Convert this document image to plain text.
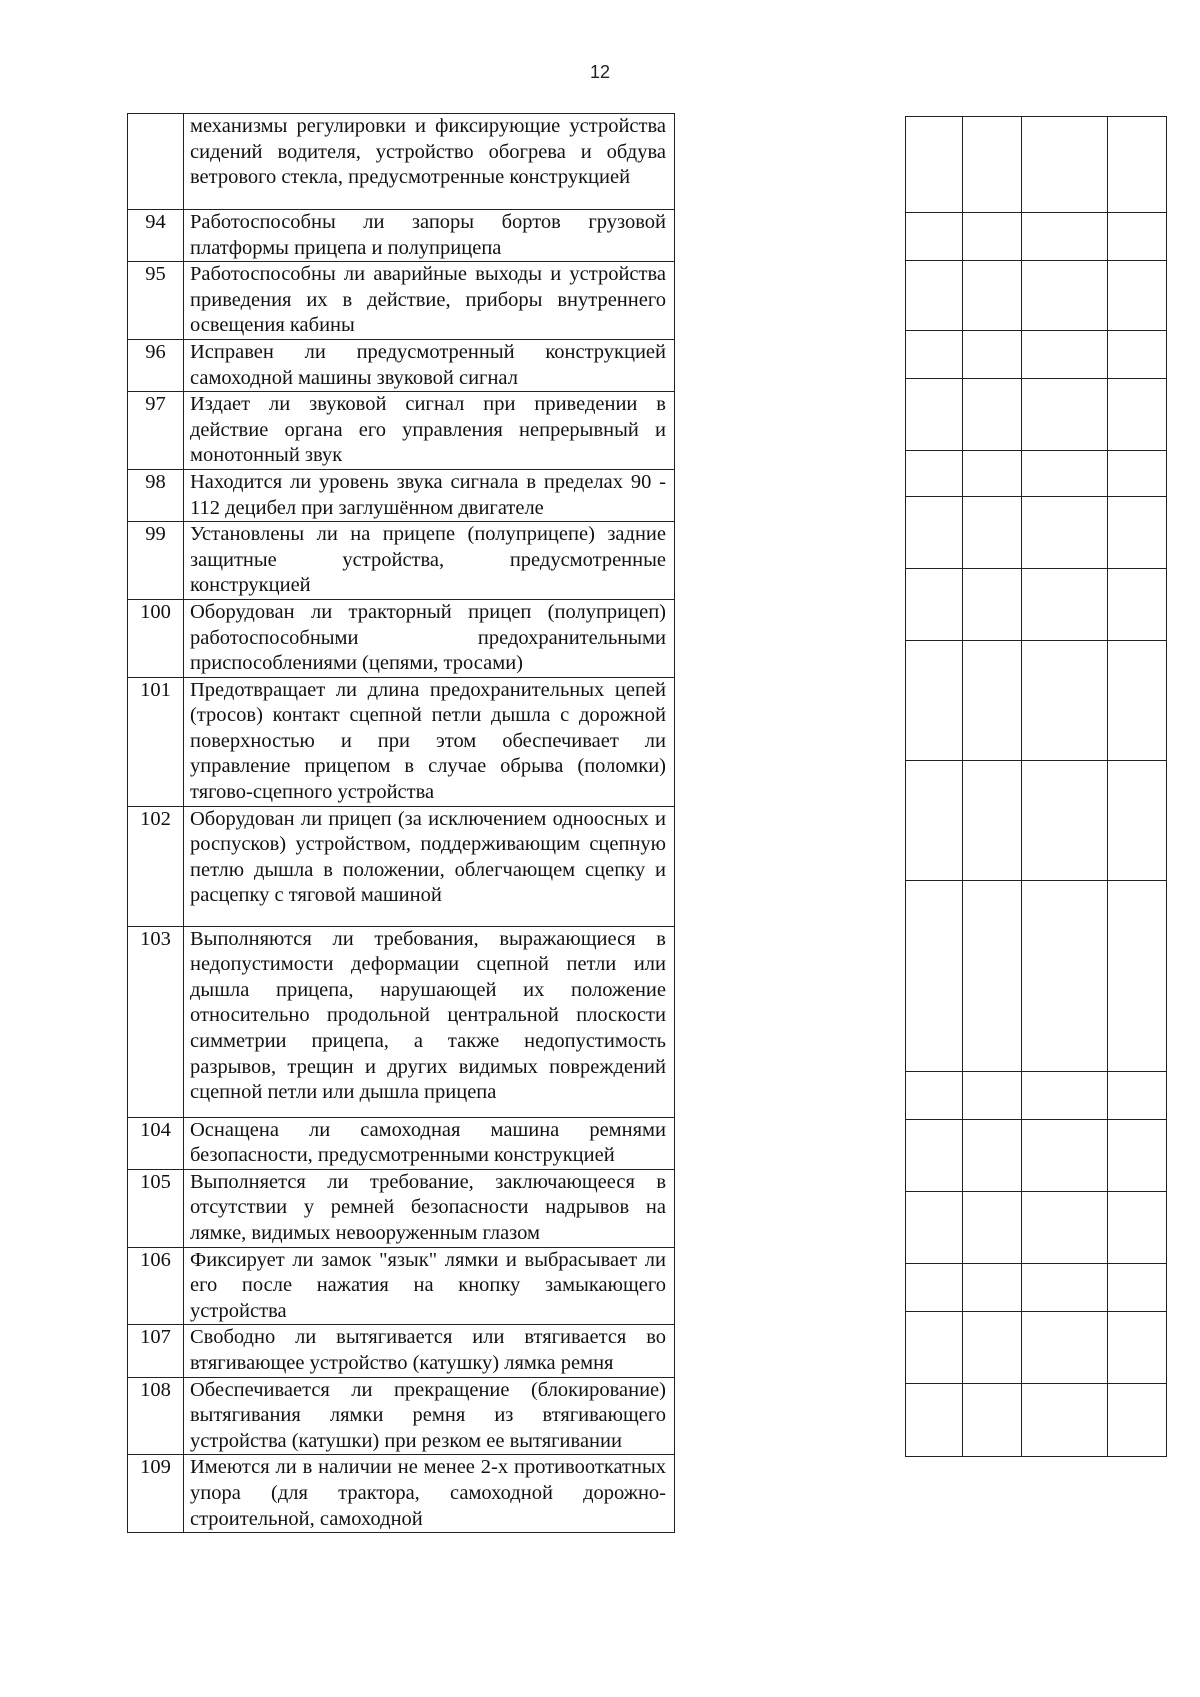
12
	механизмы регулировки и фиксирующие устройства сидений водителя, устройство обогрева и обдува ветрового стекла, предусмотренные конструкцией
94	Работоспособны ли запоры бортов грузовой платформы прицепа и полуприцепа
95	Работоспособны ли аварийные выходы и устройства приведения их в действие, приборы внутреннего освещения кабины
96	Исправен ли предусмотренный конструкцией самоходной машины звуковой сигнал
97	Издает ли звуковой сигнал при приведении в действие органа его управления непрерывный и монотонный звук
98	Находится ли уровень звука сигнала в пределах 90 - 112 децибел при заглушённом двигателе
99	Установлены ли на прицепе (полуприцепе) задние защитные устройства, предусмотренные конструкцией
100	Оборудован ли тракторный прицеп (полуприцеп) работоспособными предохранительными приспособлениями (цепями, тросами)
101	Предотвращает ли длина предохранительных цепей (тросов) контакт сцепной петли дышла с дорожной поверхностью и при этом обеспечивает ли управление прицепом в случае обрыва (поломки) тягово-сцепного устройства
102	Оборудован ли прицеп (за исключением одноосных и роспусков) устройством, поддерживающим сцепную петлю дышла в положении, облегчающем сцепку и расцепку с тяговой машиной
103	Выполняются ли требования, выражающиеся в недопустимости деформации сцепной петли или дышла прицепа, нарушающей их положение относительно продольной центральной плоскости симметрии прицепа, а также недопустимость разрывов, трещин и других видимых повреждений сцепной петли или дышла прицепа
104	Оснащена ли самоходная машина ремнями безопасности, предусмотренными конструкцией
105	Выполняется ли требование, заключающееся в отсутствии у ремней безопасности надрывов на лямке, видимых невооруженным глазом
106	Фиксирует ли замок "язык" лямки и выбрасывает ли его после нажатия на кнопку замыкающего устройства
107	Свободно ли вытягивается или втягивается во втягивающее устройство (катушку) лямка ремня
108	Обеспечивается ли прекращение (блокирование) вытягивания лямки ремня из втягивающего устройства (катушки) при резком ее вытягивании
109	Имеются ли в наличии не менее 2-х противооткатных упора (для трактора, самоходной дорожно-строительной, самоходной
